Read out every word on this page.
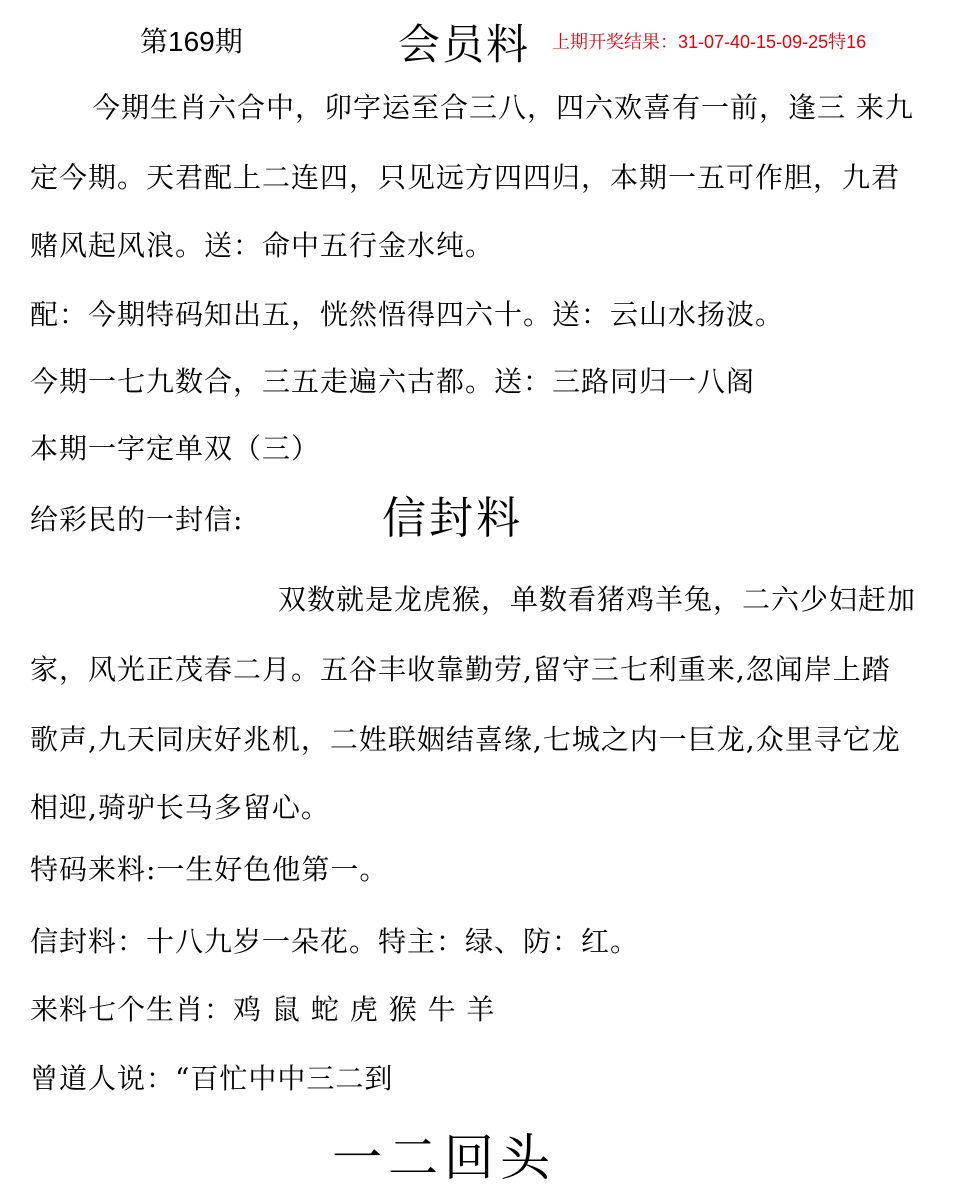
第169期	会员料 上期开奖结果：31-07-40-15-09-25特16
今期生肖六合中，卯字运至合三八，四六欢喜有一前，逢三 来九
定今期。天君配上二连四，只见远方四四归，本期一五可作胆，九君
赌风起风浪。送：命中五行金水纯。
配：今期特码知出五，恍然悟得四六十。送：云山水扬波。
今期一七九数合，三五走遍六古都。送：三路同归一八阁
本期一字定单双（三）
给彩民的一封信:	信封料
双数就是龙虎猴，单数看猪鸡羊兔，二六少妇赶加
家，风光正茂春二月。五谷丰收靠勤劳,留守三七利重来,忽闻岸上踏
歌声,九天同庆好兆机，二姓联姻结喜缘,七城之内一巨龙,众里寻它龙
相迎,骑驴长马多留心。
特码来料:一生好色他第一。
信封料：十八九岁一朵花。特主：绿、防：红。
来料七个生肖：鸡 鼠 蛇 虎 猴 牛 羊
曾道人说：“百忙中中三二到
一二回头
